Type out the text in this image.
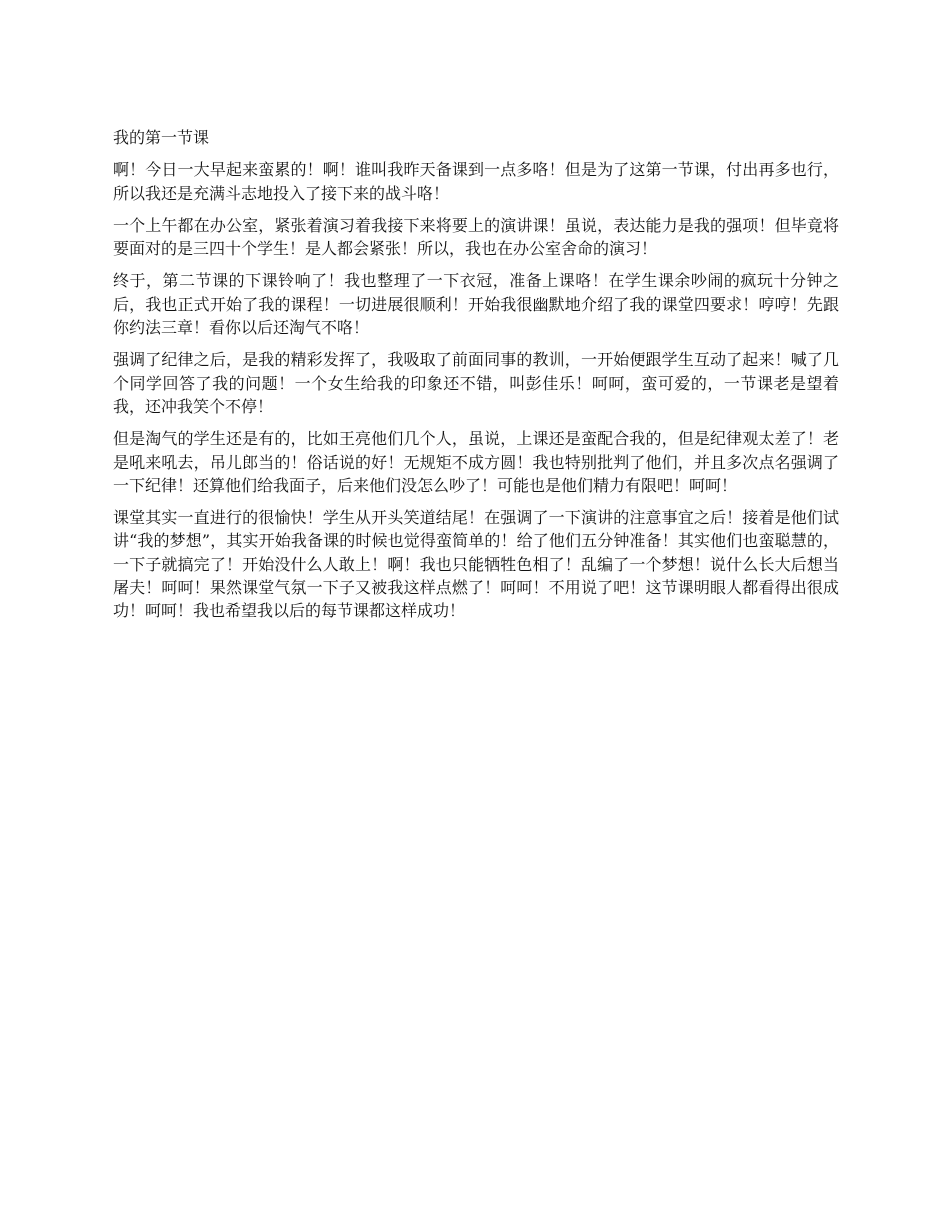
我的第一节课

啊！今日一大早起来蛮累的！啊！谁叫我昨天备课到一点多咯！但是为了这第一节课，付出再多也行，所以我还是充满斗志地投入了接下来的战斗咯！

一个上午都在办公室，紧张着演习着我接下来将要上的演讲课！虽说，表达能力是我的强项！但毕竟将要面对的是三四十个学生！是人都会紧张！所以，我也在办公室舍命的演习！

终于，第二节课的下课铃响了！我也整理了一下衣冠，准备上课咯！在学生课余吵闹的疯玩十分钟之后，我也正式开始了我的课程！一切进展很顺利！开始我很幽默地介绍了我的课堂四要求！哼哼！先跟你约法三章！看你以后还淘气不咯！

强调了纪律之后，是我的精彩发挥了，我吸取了前面同事的教训，一开始便跟学生互动了起来！喊了几个同学回答了我的问题！一个女生给我的印象还不错，叫彭佳乐！呵呵，蛮可爱的，一节课老是望着我，还冲我笑个不停！

但是淘气的学生还是有的，比如王亮他们几个人，虽说，上课还是蛮配合我的，但是纪律观太差了！老是吼来吼去，吊儿郎当的！俗话说的好！无规矩不成方圆！我也特别批判了他们，并且多次点名强调了一下纪律！还算他们给我面子，后来他们没怎么吵了！可能也是他们精力有限吧！呵呵！

课堂其实一直进行的很愉快！学生从开头笑道结尾！在强调了一下演讲的注意事宜之后！接着是他们试讲“我的梦想”，其实开始我备课的时候也觉得蛮简单的！给了他们五分钟准备！其实他们也蛮聪慧的，一下子就搞完了！开始没什么人敢上！啊！我也只能牺牲色相了！乱编了一个梦想！说什么长大后想当屠夫！呵呵！果然课堂气氛一下子又被我这样点燃了！呵呵！不用说了吧！这节课明眼人都看得出很成功！呵呵！我也希望我以后的每节课都这样成功！
